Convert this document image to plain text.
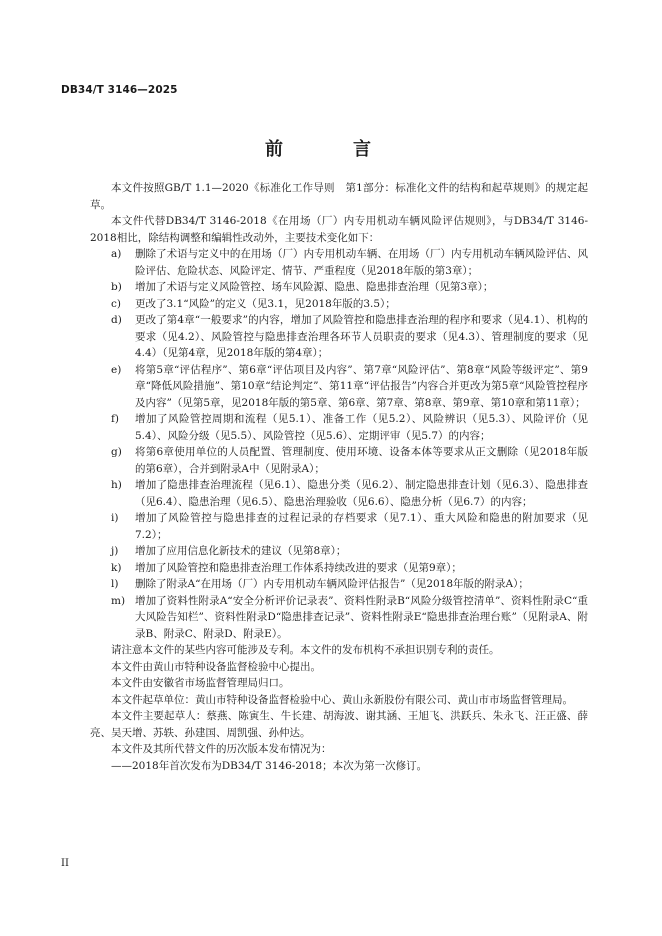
DB34/T 3146—2025
前　言

本文件按照GB/T 1.1—2020《标准化工作导则　第1部分：标准化文件的结构和起草规则》的规定起草。

本文件代替DB34/T 3146-2018《在用场（厂）内专用机动车辆风险评估规则》，与DB34/T 3146-2018相比，除结构调整和编辑性改动外，主要技术变化如下：

a)	删除了术语与定义中的在用场（厂）内专用机动车辆、在用场（厂）内专用机动车辆风险评估、风险评估、危险状态、风险评定、情节、严重程度（见2018年版的第3章）；
b)	增加了术语与定义风险管控、场车风险源、隐患、隐患排查治理（见第3章）；
c)	更改了3.1“风险”的定义（见3.1，见2018年版的3.5）；
d)	更改了第4章“一般要求”的内容，增加了风险管控和隐患排查治理的程序和要求（见4.1）、机构的要求（见4.2）、风险管控与隐患排查治理各环节人员职责的要求（见4.3）、管理制度的要求（见4.4）（见第4章，见2018年版的第4章）；
e)	将第5章“评估程序”、第6章“评估项目及内容”、第7章“风险评估”、第8章“风险等级评定”、第9章“降低风险措施”、第10章“结论判定”、第11章“评估报告”内容合并更改为第5章“风险管控程序及内容”（见第5章，见2018年版的第5章、第6章、第7章、第8章、第9章、第10章和第11章）；
f)	增加了风险管控周期和流程（见5.1）、准备工作（见5.2）、风险辨识（见5.3）、风险评价（见5.4）、风险分级（见5.5）、风险管控（见5.6）、定期评审（见5.7）的内容；
g)	将第6章使用单位的人员配置、管理制度、使用环境、设备本体等要求从正文删除（见2018年版的第6章），合并到附录A中（见附录A）；
h)	增加了隐患排查治理流程（见6.1）、隐患分类（见6.2）、制定隐患排查计划（见6.3）、隐患排查（见6.4）、隐患治理（见6.5）、隐患治理验收（见6.6）、隐患分析（见6.7）的内容；
i)	增加了风险管控与隐患排查的过程记录的存档要求（见7.1）、重大风险和隐患的附加要求（见7.2）；
j)	增加了应用信息化新技术的建议（见第8章）；
k)	增加了风险管控和隐患排查治理工作体系持续改进的要求（见第9章）；
l)	删除了附录A“在用场（厂）内专用机动车辆风险评估报告”（见2018年版的附录A）；
m) 增加了资料性附录A“安全分析评价记录表”、资料性附录B“风险分级管控清单”、资料性附录C“重大风险告知栏”、资料性附录D“隐患排查记录”、资料性附录E“隐患排查治理台账”（见附录A、附录B、附录C、附录D、附录E）。

请注意本文件的某些内容可能涉及专利。本文件的发布机构不承担识别专利的责任。

本文件由黄山市特种设备监督检验中心提出。

本文件由安徽省市场监督管理局归口。

本文件起草单位：黄山市特种设备监督检验中心、黄山永新股份有限公司、黄山市市场监督管理局。

本文件主要起草人：蔡燕、陈寅生、牛长建、胡海波、谢其涵、王旭飞、洪跃兵、朱永飞、汪正盛、薛亮、吴天增、苏轶、孙建国、周凯强、孙仲达。

本文件及其所代替文件的历次版本发布情况为：

——2018年首次发布为DB34/T 3146-2018；本次为第一次修订。

II
